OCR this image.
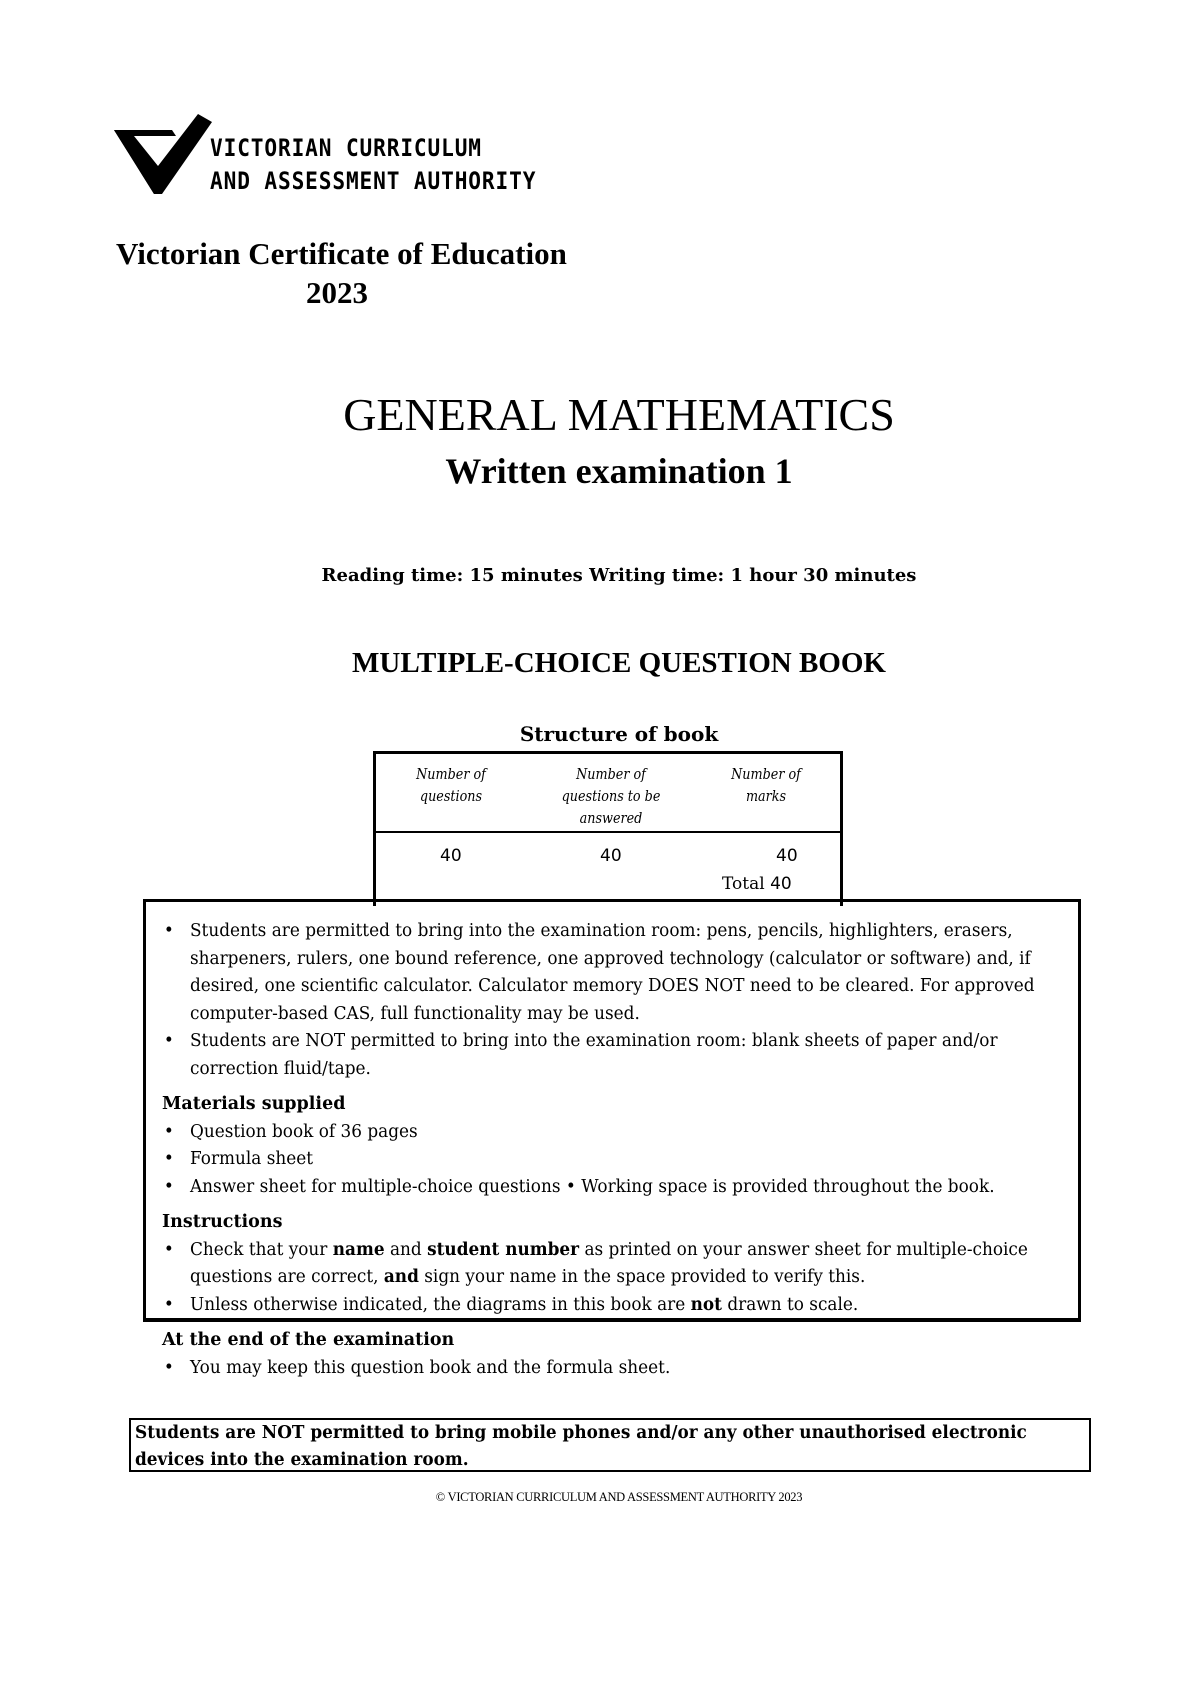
VICTORIAN CURRICULUM
AND ASSESSMENT AUTHORITY
Victorian Certificate of Education
2023
GENERAL MATHEMATICS
Written examination 1
Reading time: 15 minutes Writing time: 1 hour 30 minutes
MULTIPLE-CHOICE QUESTION BOOK
Structure of book
Number of questions
Number of questions to be answered
Number of marks
40	40	40
Total 40
• Students are permitted to bring into the examination room: pens, pencils, highlighters, erasers, sharpeners, rulers, one bound reference, one approved technology (calculator or software) and, if desired, one scientific calculator. Calculator memory DOES NOT need to be cleared. For approved computer-based CAS, full functionality may be used.
• Students are NOT permitted to bring into the examination room: blank sheets of paper and/or correction fluid/tape.
Materials supplied
• Question book of 36 pages
• Formula sheet
• Answer sheet for multiple-choice questions • Working space is provided throughout the book.
Instructions
• Check that your name and student number as printed on your answer sheet for multiple-choice questions are correct, and sign your name in the space provided to verify this.
• Unless otherwise indicated, the diagrams in this book are not drawn to scale.
At the end of the examination
• You may keep this question book and the formula sheet.
Students are NOT permitted to bring mobile phones and/or any other unauthorised electronic devices into the examination room.
© VICTORIAN CURRICULUM AND ASSESSMENT AUTHORITY 2023
